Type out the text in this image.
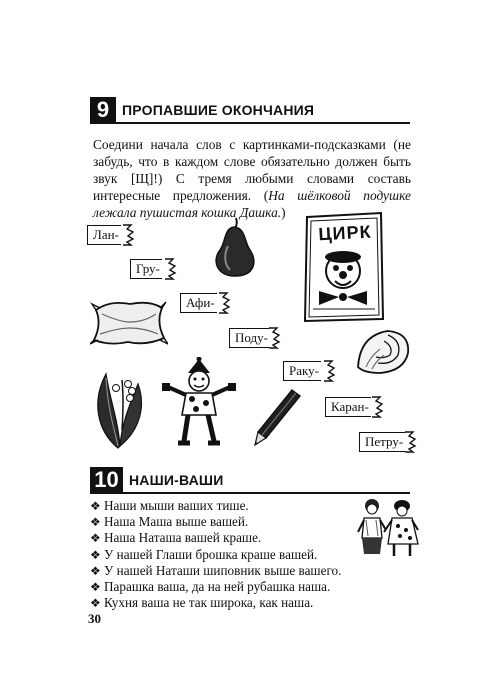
9 ПРОПАВШИЕ ОКОНЧАНИЯ

Соедини начала слов с картинками-подсказками (не забудь, что в каждом слове обязательно должен быть звук [Щ]!) С тремя любыми словами составь интересные предложения. (На шёлковой подушке лежала пушистая кошка Дашка.)

Лан-
Гру-
Афи-
Поду-
Раку-
Каран-
Петру-
ЦИРК
10 НАШИ-ВАШИ
❖ Наши мыши ваших тише.
❖ Наша Маша выше вашей.
❖ Наша Наташа вашей краше.
❖ У нашей Глаши брошка краше вашей.
❖ У нашей Наташи шиповник выше вашего.
❖ Парашка ваша, да на ней рубашка наша.
❖ Кухня ваша не так широка, как наша.
30
